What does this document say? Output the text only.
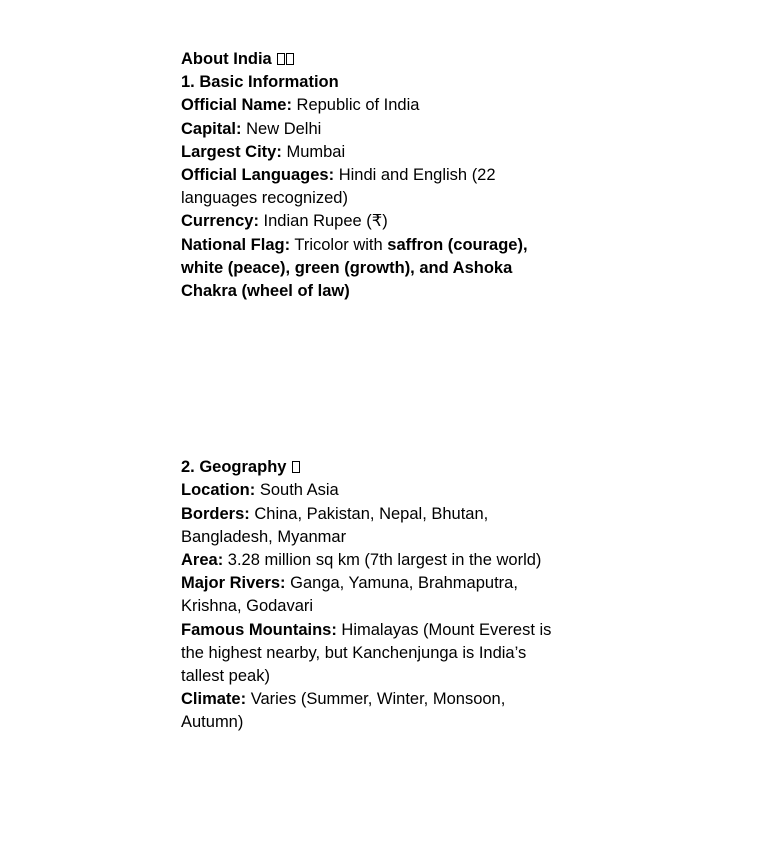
About India

1. Basic Information

Official Name: Republic of India

Capital: New Delhi

Largest City: Mumbai

Official Languages: Hindi and English (22 languages recognized)

Currency: Indian Rupee (₹)

National Flag: Tricolor with saffron (courage), white (peace), green (growth), and Ashoka Chakra (wheel of law)

2. Geography

Location: South Asia

Borders: China, Pakistan, Nepal, Bhutan, Bangladesh, Myanmar

Area: 3.28 million sq km (7th largest in the world)

Major Rivers: Ganga, Yamuna, Brahmaputra, Krishna, Godavari

Famous Mountains: Himalayas (Mount Everest is the highest nearby, but Kanchenjunga is India’s tallest peak)

Climate: Varies (Summer, Winter, Monsoon, Autumn)
